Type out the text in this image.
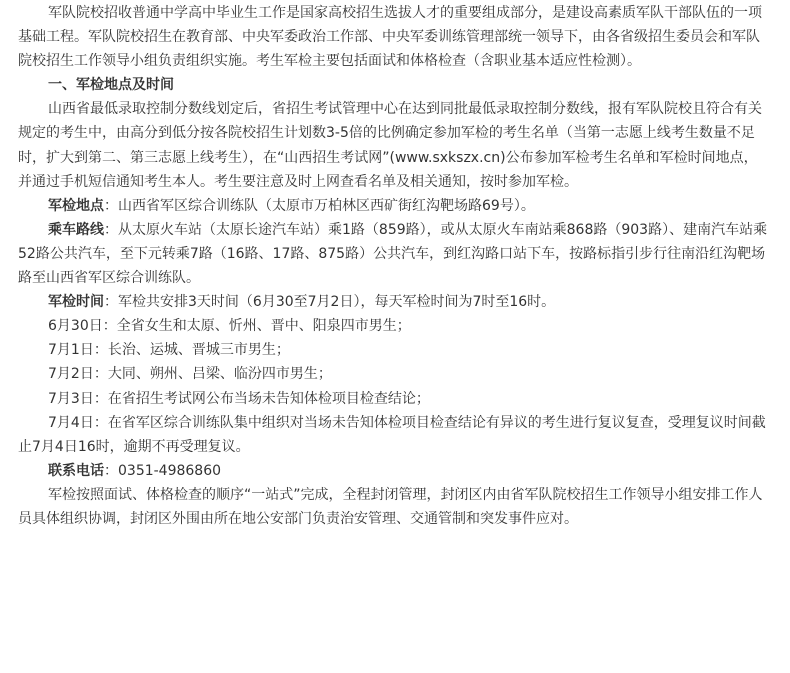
军队院校招收普通中学高中毕业生工作是国家高校招生选拔人才的重要组成部分，是建设高素质军队干部队伍的一项基础工程。军队院校招生在教育部、中央军委政治工作部、中央军委训练管理部统一领导下，由各省级招生委员会和军队院校招生工作领导小组负责组织实施。考生军检主要包括面试和体格检查（含职业基本适应性检测）。

一、军检地点及时间

山西省最低录取控制分数线划定后，省招生考试管理中心在达到同批最低录取控制分数线，报有军队院校且符合有关规定的考生中，由高分到低分按各院校招生计划数3-5倍的比例确定参加军检的考生名单（当第一志愿上线考生数量不足时，扩大到第二、第三志愿上线考生），在“山西招生考试网”(www.sxkszx.cn)公布参加军检考生名单和军检时间地点，并通过手机短信通知考生本人。考生要注意及时上网查看名单及相关通知，按时参加军检。

军检地点：山西省军区综合训练队（太原市万柏林区西矿街红沟靶场路69号）。

乘车路线：从太原火车站（太原长途汽车站）乘1路（859路），或从太原火车南站乘868路（903路）、建南汽车站乘52路公共汽车，至下元转乘7路（16路、17路、875路）公共汽车，到红沟路口站下车，按路标指引步行往南沿红沟靶场路至山西省军区综合训练队。

军检时间：军检共安排3天时间（6月30至7月2日），每天军检时间为7时至16时。

6月30日：全省女生和太原、忻州、晋中、阳泉四市男生；

7月1日：长治、运城、晋城三市男生；

7月2日：大同、朔州、吕梁、临汾四市男生；

7月3日：在省招生考试网公布当场未告知体检项目检查结论；

7月4日：在省军区综合训练队集中组织对当场未告知体检项目检查结论有异议的考生进行复议复查，受理复议时间截止7月4日16时，逾期不再受理复议。

联系电话：0351-4986860

军检按照面试、体格检查的顺序“一站式”完成，全程封闭管理，封闭区内由省军队院校招生工作领导小组安排工作人员具体组织协调，封闭区外围由所在地公安部门负责治安管理、交通管制和突发事件应对。
